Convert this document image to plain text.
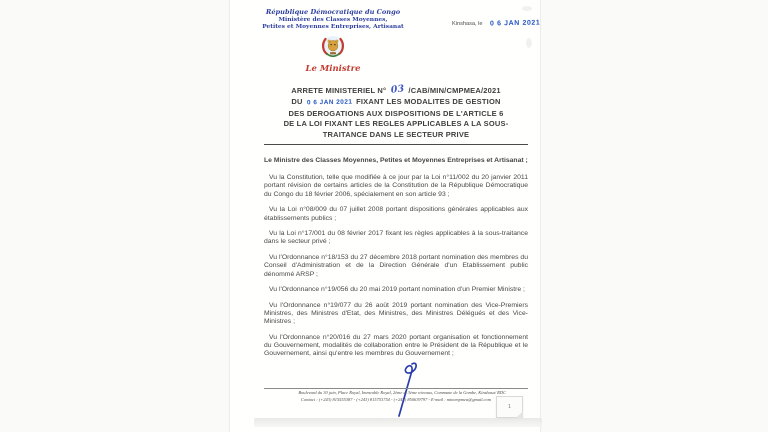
République Démocratique du Congo
Ministère des Classes Moyennes,
Petites et Moyennes Entreprises, Artisanat
Le Ministre
Kinshasa, le 0 6 JAN 2021
ARRETE MINISTERIEL N° 03 /CAB/MIN/CMPMEA/2021
DU 0 6 JAN 2021 FIXANT LES MODALITES DE GESTION
DES DEROGATIONS AUX DISPOSITIONS DE L'ARTICLE 6
DE LA LOI FIXANT LES REGLES APPLICABLES A LA SOUS-
TRAITANCE DANS LE SECTEUR PRIVE

Le Ministre des Classes Moyennes, Petites et Moyennes Entreprises et Artisanat ;

Vu la Constitution, telle que modifiée à ce jour par la Loi n°11/002 du 20 janvier 2011 portant révision de certains articles de la Constitution de la République Démocratique du Congo du 18 février 2006, spécialement en son article 93 ;

Vu la Loi n°08/009 du 07 juillet 2008 portant dispositions générales applicables aux établissements publics ;

Vu la Loi n°17/001 du 08 février 2017 fixant les règles applicables à la sous-traitance dans le secteur privé ;

Vu l'Ordonnance n°18/153 du 27 décembre 2018 portant nomination des membres du Conseil d'Administration et de la Direction Générale d'un Etablissement public dénommé ARSP ;

Vu l'Ordonnance n°19/056 du 20 mai 2019 portant nomination d'un Premier Ministre ;

Vu l'Ordonnance n°19/077 du 26 août 2019 portant nomination des Vice-Premiers Ministres, des Ministres d'Etat, des Ministres, des Ministres Délégués et des Vice-Ministres ;

Vu l'Ordonnance n°20/016 du 27 mars 2020 portant organisation et fonctionnement du Gouvernement, modalités de collaboration entre le Président de la République et le Gouvernement, ainsi qu'entre les membres du Gouvernement ;

Boulevard du 30 juin, Place Royal, Immeuble Royal, 2ème et 3ème niveaux, Commune de la Gombe, Kinshasa/ RDC
Contact : (+243) 815555387 - (+243) 815753754 - (+243) 850639797 - E-mail : mincmpmea@gmail.com
1
